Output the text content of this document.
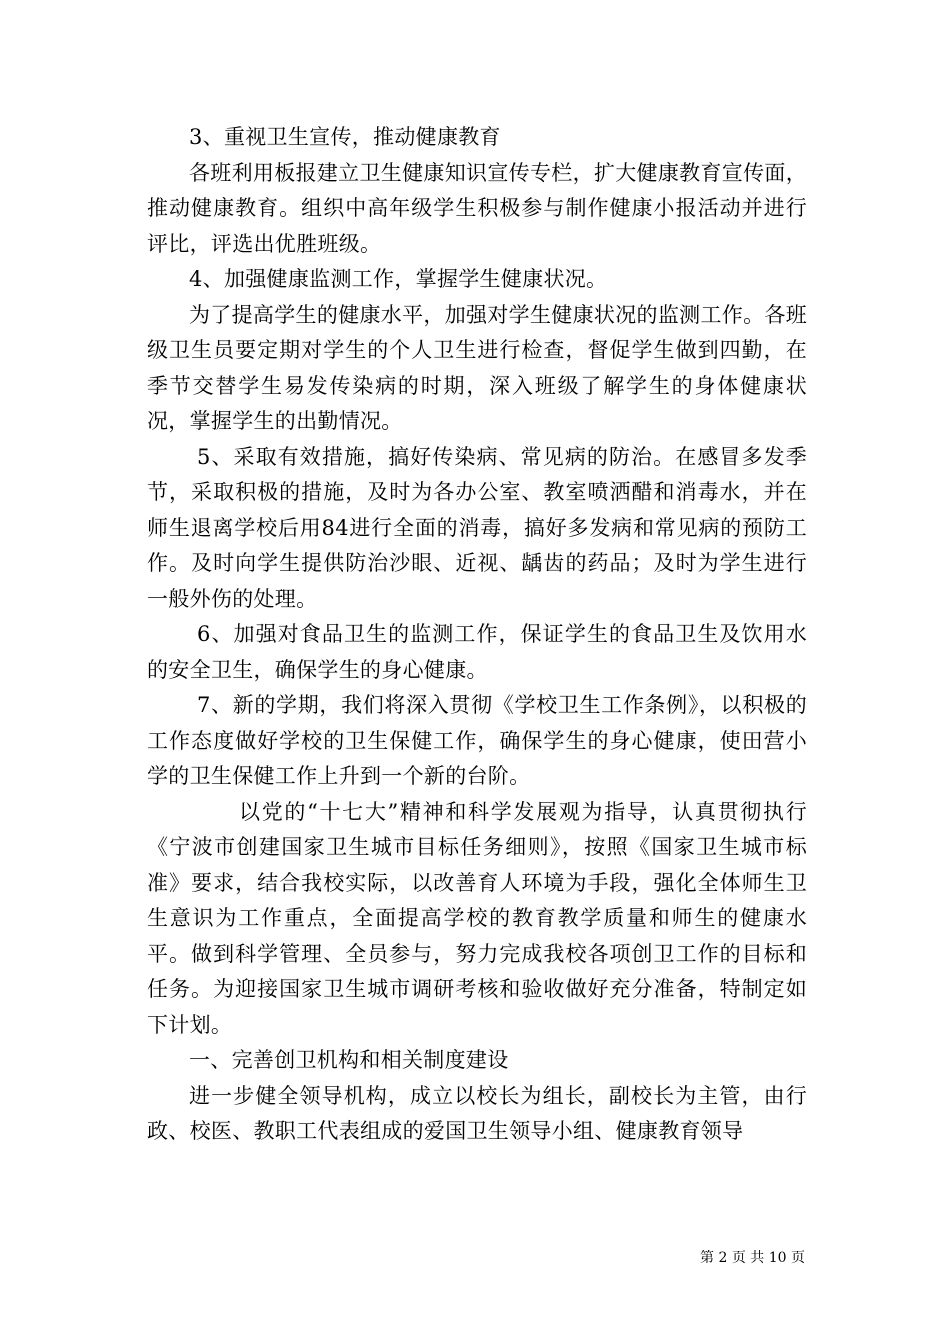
3、重视卫生宣传，推动健康教育

各班利用板报建立卫生健康知识宣传专栏，扩大健康教育宣传面，推动健康教育。组织中高年级学生积极参与制作健康小报活动并进行评比，评选出优胜班级。

4、加强健康监测工作，掌握学生健康状况。

为了提高学生的健康水平，加强对学生健康状况的监测工作。各班级卫生员要定期对学生的个人卫生进行检查，督促学生做到四勤，在季节交替学生易发传染病的时期，深入班级了解学生的身体健康状况，掌握学生的出勤情况。

5、采取有效措施，搞好传染病、常见病的防治。在感冒多发季节，采取积极的措施，及时为各办公室、教室喷洒醋和消毒水，并在师生退离学校后用84进行全面的消毒，搞好多发病和常见病的预防工作。及时向学生提供防治沙眼、近视、龋齿的药品；及时为学生进行一般外伤的处理。

6、加强对食品卫生的监测工作，保证学生的食品卫生及饮用水的安全卫生，确保学生的身心健康。

7、新的学期，我们将深入贯彻《学校卫生工作条例》，以积极的工作态度做好学校的卫生保健工作，确保学生的身心健康，使田营小学的卫生保健工作上升到一个新的台阶。

以党的“十七大”精神和科学发展观为指导，认真贯彻执行《宁波市创建国家卫生城市目标任务细则》，按照《国家卫生城市标准》要求，结合我校实际，以改善育人环境为手段，强化全体师生卫生意识为工作重点，全面提高学校的教育教学质量和师生的健康水平。做到科学管理、全员参与，努力完成我校各项创卫工作的目标和任务。为迎接国家卫生城市调研考核和验收做好充分准备，特制定如下计划。

一、完善创卫机构和相关制度建设

进一步健全领导机构，成立以校长为组长，副校长为主管，由行政、校医、教职工代表组成的爱国卫生领导小组、健康教育领导

第 2 页 共 10 页
